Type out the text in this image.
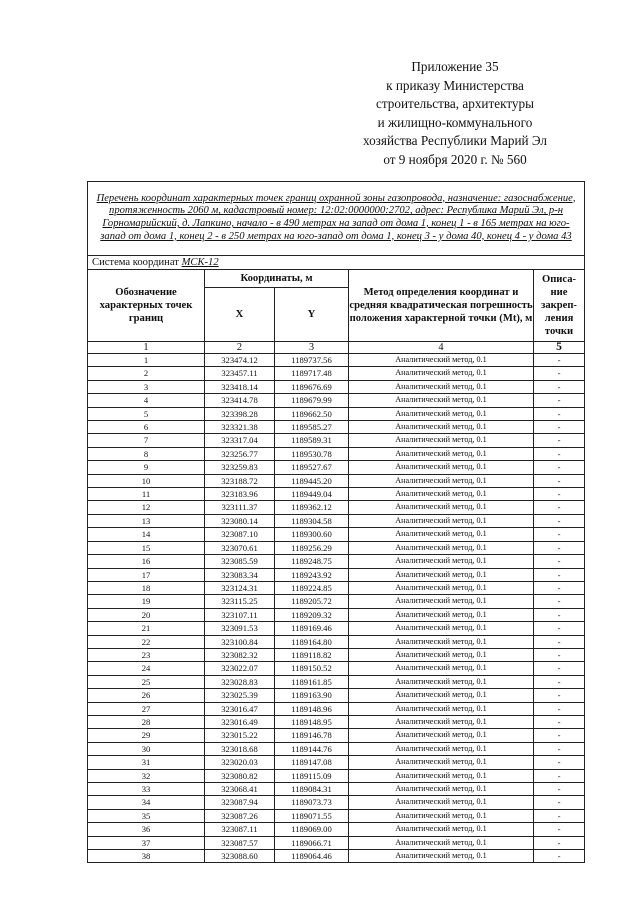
Приложение 35
к приказу Министерства
строительства, архитектуры
и жилищно-коммунального
хозяйства Республики Марий Эл
от 9 ноября 2020 г. № 560
Перечень координат характерных точек границ охранной зоны газопровода, назначение: газоснабжение, протяженность 2060 м, кадастровый номер: 12:02:0000000:2702, адрес: Республика Марий Эл, р-н Горномарийский, д. Лапкино, начало - в 490 метрах на запад от дома 1, конец 1 - в 165 метрах на юго-запад от дома 1, конец 2 - в 250 метрах на юго-запад от дома 1, конец 3 - у дома 40, конец 4 - у дома 43				
Система координат МСК-12				
Обозначение характерных точек границ	Координаты, м		Метод определения координат и средняя квадратическая погрешность положения характерной точки (Mt), м	Описа-ние закреп-ления точки
	X	Y		
1	2	3	4	5
1	323474.12	1189737.56	Аналитический метод, 0.1	-
2	323457.11	1189717.48	Аналитический метод, 0.1	-
3	323418.14	1189676.69	Аналитический метод, 0.1	-
4	323414.78	1189679.99	Аналитический метод, 0.1	-
5	323398.28	1189662.50	Аналитический метод, 0.1	-
6	323321.38	1189585.27	Аналитический метод, 0.1	-
7	323317.04	1189589.31	Аналитический метод, 0.1	-
8	323256.77	1189530.78	Аналитический метод, 0.1	-
9	323259.83	1189527.67	Аналитический метод, 0.1	-
10	323188.72	1189445.20	Аналитический метод, 0.1	-
11	323183.96	1189449.04	Аналитический метод, 0.1	-
12	323111.37	1189362.12	Аналитический метод, 0.1	-
13	323080.14	1189304.58	Аналитический метод, 0.1	-
14	323087.10	1189300.60	Аналитический метод, 0.1	-
15	323070.61	1189256.29	Аналитический метод, 0.1	-
16	323085.59	1189248.75	Аналитический метод, 0.1	-
17	323083.34	1189243.92	Аналитический метод, 0.1	-
18	323124.31	1189224.85	Аналитический метод, 0.1	-
19	323115.25	1189205.72	Аналитический метод, 0.1	-
20	323107.11	1189209.32	Аналитический метод, 0.1	-
21	323091.53	1189169.46	Аналитический метод, 0.1	-
22	323100.84	1189164.80	Аналитический метод, 0.1	-
23	323082.32	1189118.82	Аналитический метод, 0.1	-
24	323022.07	1189150.52	Аналитический метод, 0.1	-
25	323028.83	1189161.85	Аналитический метод, 0.1	-
26	323025.39	1189163.90	Аналитический метод, 0.1	-
27	323016.47	1189148.96	Аналитический метод, 0.1	-
28	323016.49	1189148.95	Аналитический метод, 0.1	-
29	323015.22	1189146.78	Аналитический метод, 0.1	-
30	323018.68	1189144.76	Аналитический метод, 0.1	-
31	323020.03	1189147.08	Аналитический метод, 0.1	-
32	323080.82	1189115.09	Аналитический метод, 0.1	-
33	323068.41	1189084.31	Аналитический метод, 0.1	-
34	323087.94	1189073.73	Аналитический метод, 0.1	-
35	323087.26	1189071.55	Аналитический метод, 0.1	-
36	323087.11	1189069.00	Аналитический метод, 0.1	-
37	323087.57	1189066.71	Аналитический метод, 0.1	-
38	323088.60	1189064.46	Аналитический метод, 0.1	-
